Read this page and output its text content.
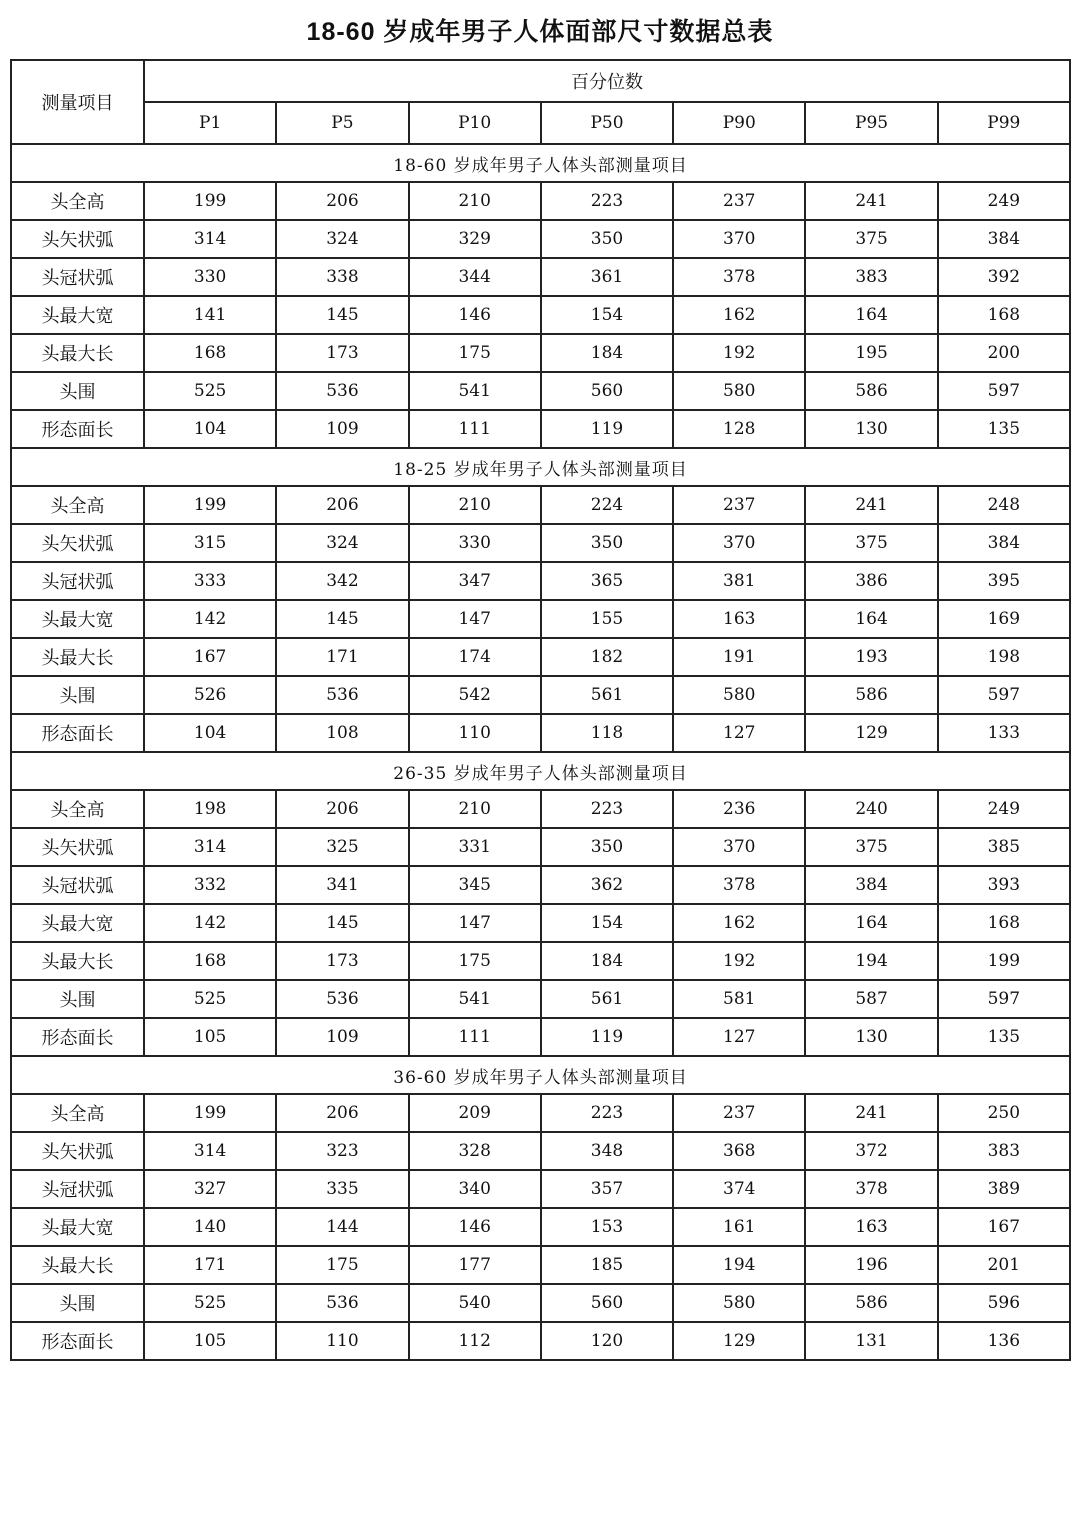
18-60 岁成年男子人体面部尺寸数据总表
测量项目	百分位数						
	P1	P5	P10	P50	P90	P95	P99
18-60 岁成年男子人体头部测量项目							
头全高	199	206	210	223	237	241	249
头矢状弧	314	324	329	350	370	375	384
头冠状弧	330	338	344	361	378	383	392
头最大宽	141	145	146	154	162	164	168
头最大长	168	173	175	184	192	195	200
头围	525	536	541	560	580	586	597
形态面长	104	109	111	119	128	130	135
18-25 岁成年男子人体头部测量项目							
头全高	199	206	210	224	237	241	248
头矢状弧	315	324	330	350	370	375	384
头冠状弧	333	342	347	365	381	386	395
头最大宽	142	145	147	155	163	164	169
头最大长	167	171	174	182	191	193	198
头围	526	536	542	561	580	586	597
形态面长	104	108	110	118	127	129	133
26-35 岁成年男子人体头部测量项目							
头全高	198	206	210	223	236	240	249
头矢状弧	314	325	331	350	370	375	385
头冠状弧	332	341	345	362	378	384	393
头最大宽	142	145	147	154	162	164	168
头最大长	168	173	175	184	192	194	199
头围	525	536	541	561	581	587	597
形态面长	105	109	111	119	127	130	135
36-60 岁成年男子人体头部测量项目							
头全高	199	206	209	223	237	241	250
头矢状弧	314	323	328	348	368	372	383
头冠状弧	327	335	340	357	374	378	389
头最大宽	140	144	146	153	161	163	167
头最大长	171	175	177	185	194	196	201
头围	525	536	540	560	580	586	596
形态面长	105	110	112	120	129	131	136
